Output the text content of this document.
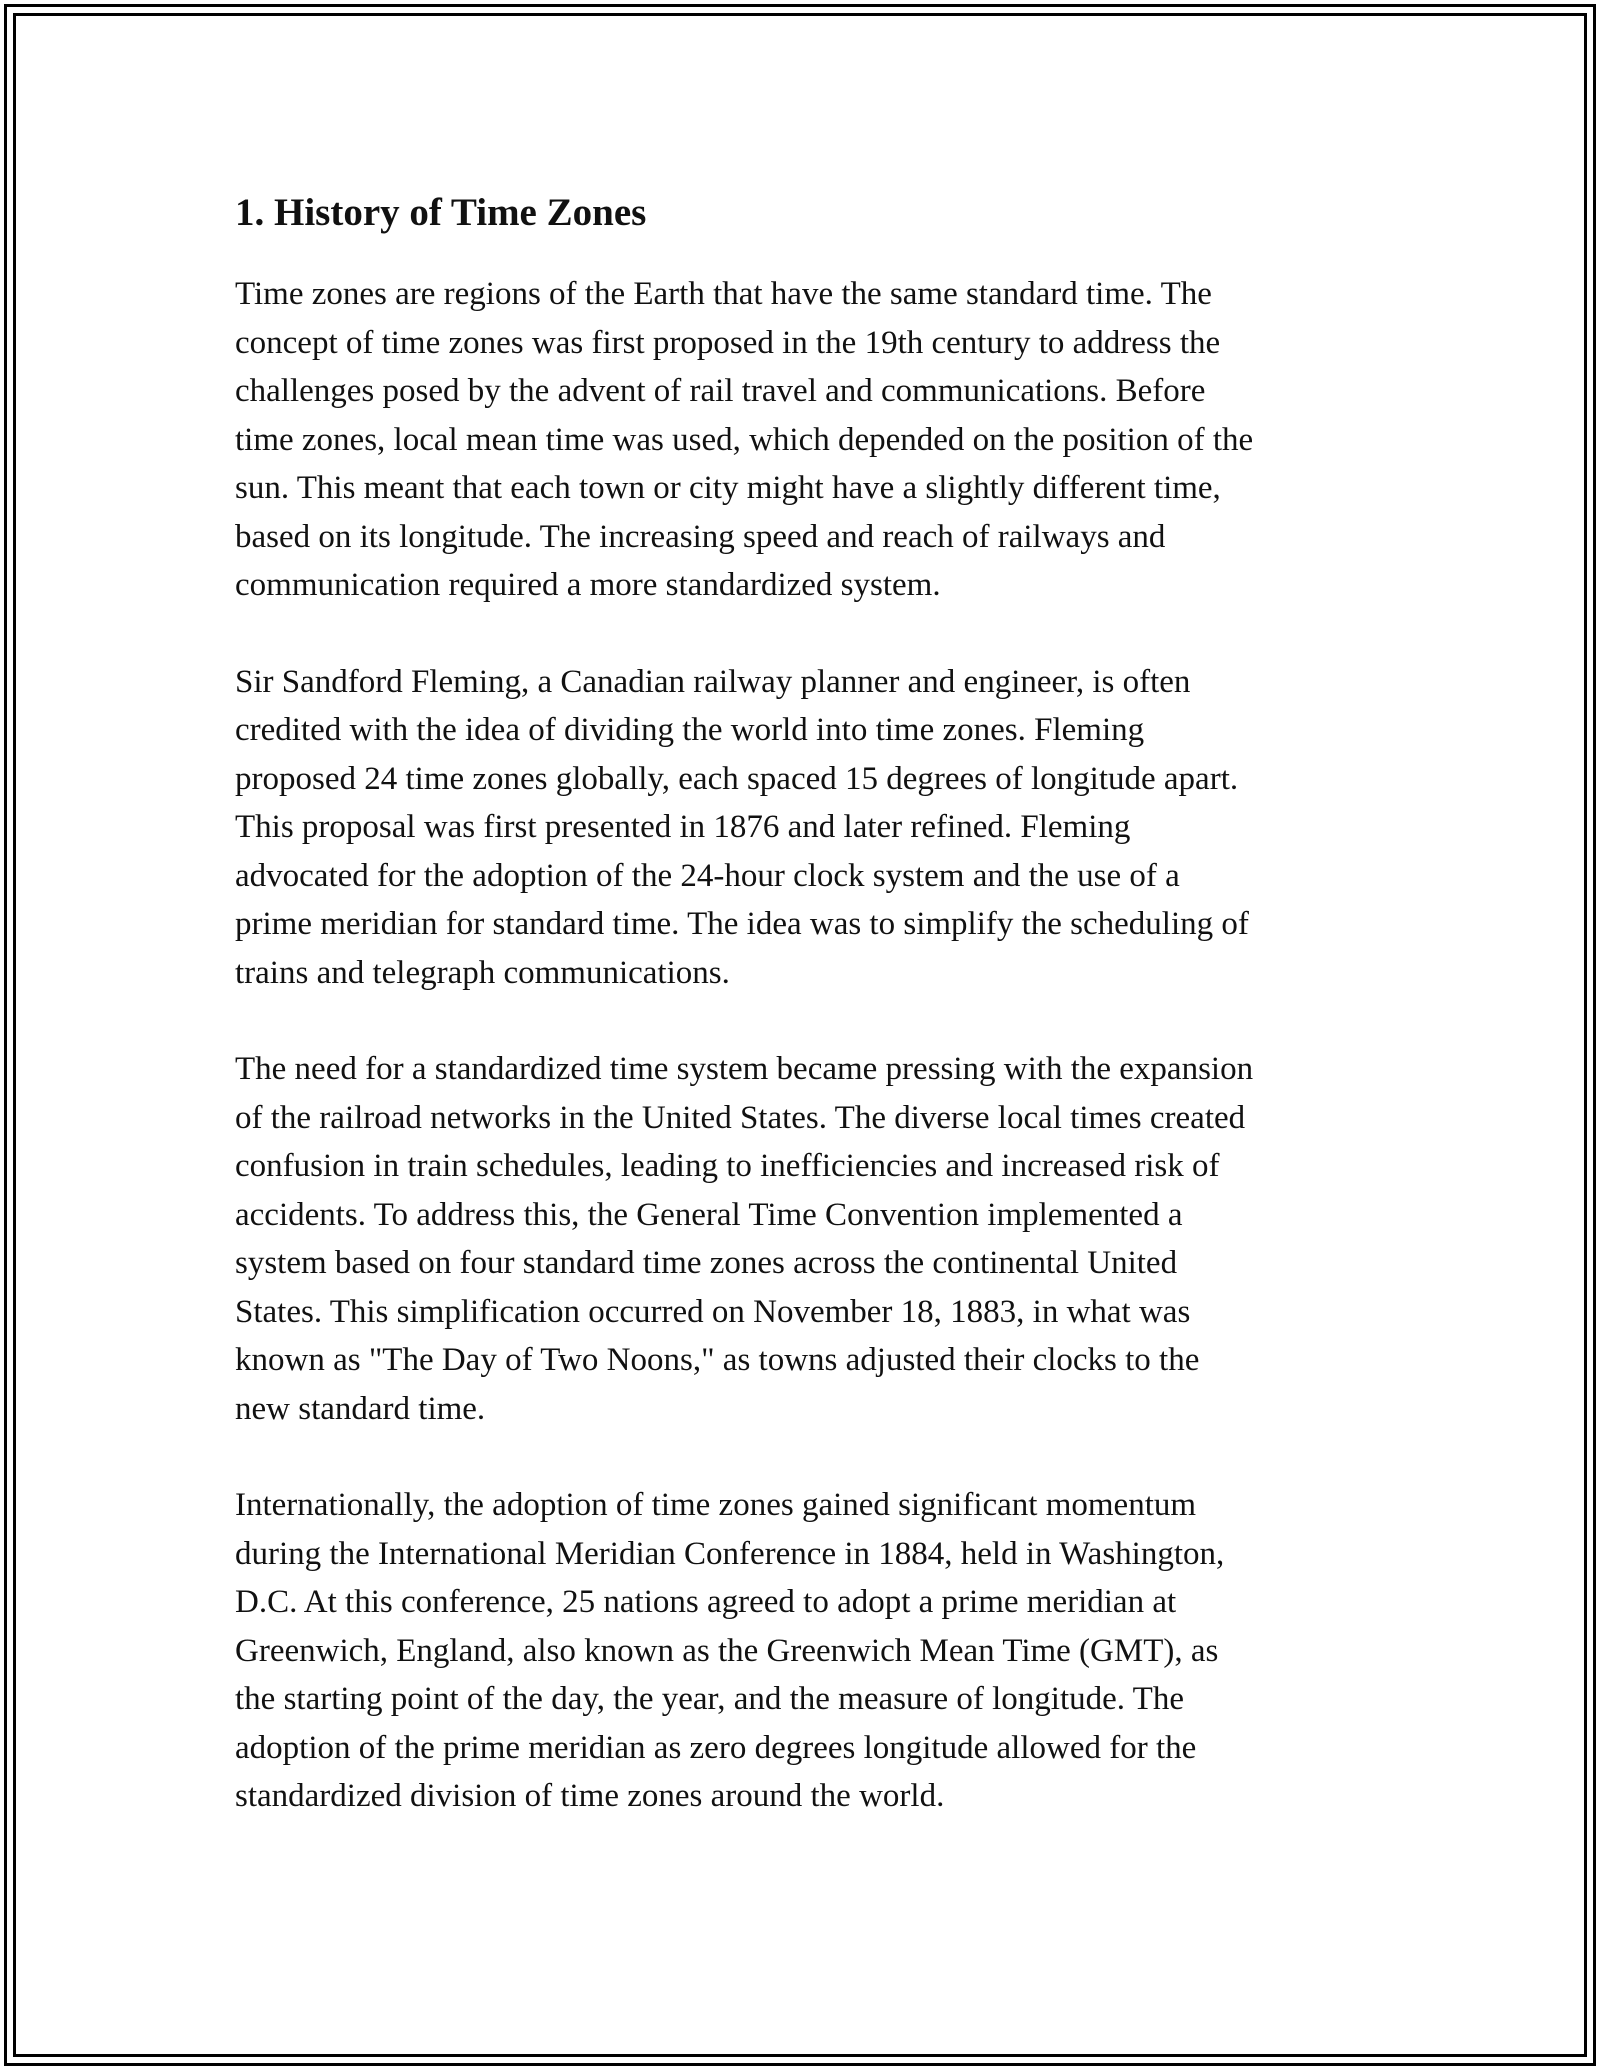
1. History of Time Zones

Time zones are regions of the Earth that have the same standard time. The
concept of time zones was first proposed in the 19th century to address the
challenges posed by the advent of rail travel and communications. Before
time zones, local mean time was used, which depended on the position of the
sun. This meant that each town or city might have a slightly different time,
based on its longitude. The increasing speed and reach of railways and
communication required a more standardized system.

Sir Sandford Fleming, a Canadian railway planner and engineer, is often
credited with the idea of dividing the world into time zones. Fleming
proposed 24 time zones globally, each spaced 15 degrees of longitude apart.
This proposal was first presented in 1876 and later refined. Fleming
advocated for the adoption of the 24-hour clock system and the use of a
prime meridian for standard time. The idea was to simplify the scheduling of
trains and telegraph communications.

The need for a standardized time system became pressing with the expansion
of the railroad networks in the United States. The diverse local times created
confusion in train schedules, leading to inefficiencies and increased risk of
accidents. To address this, the General Time Convention implemented a
system based on four standard time zones across the continental United
States. This simplification occurred on November 18, 1883, in what was
known as "The Day of Two Noons," as towns adjusted their clocks to the
new standard time.

Internationally, the adoption of time zones gained significant momentum
during the International Meridian Conference in 1884, held in Washington,
D.C. At this conference, 25 nations agreed to adopt a prime meridian at
Greenwich, England, also known as the Greenwich Mean Time (GMT), as
the starting point of the day, the year, and the measure of longitude. The
adoption of the prime meridian as zero degrees longitude allowed for the
standardized division of time zones around the world.
